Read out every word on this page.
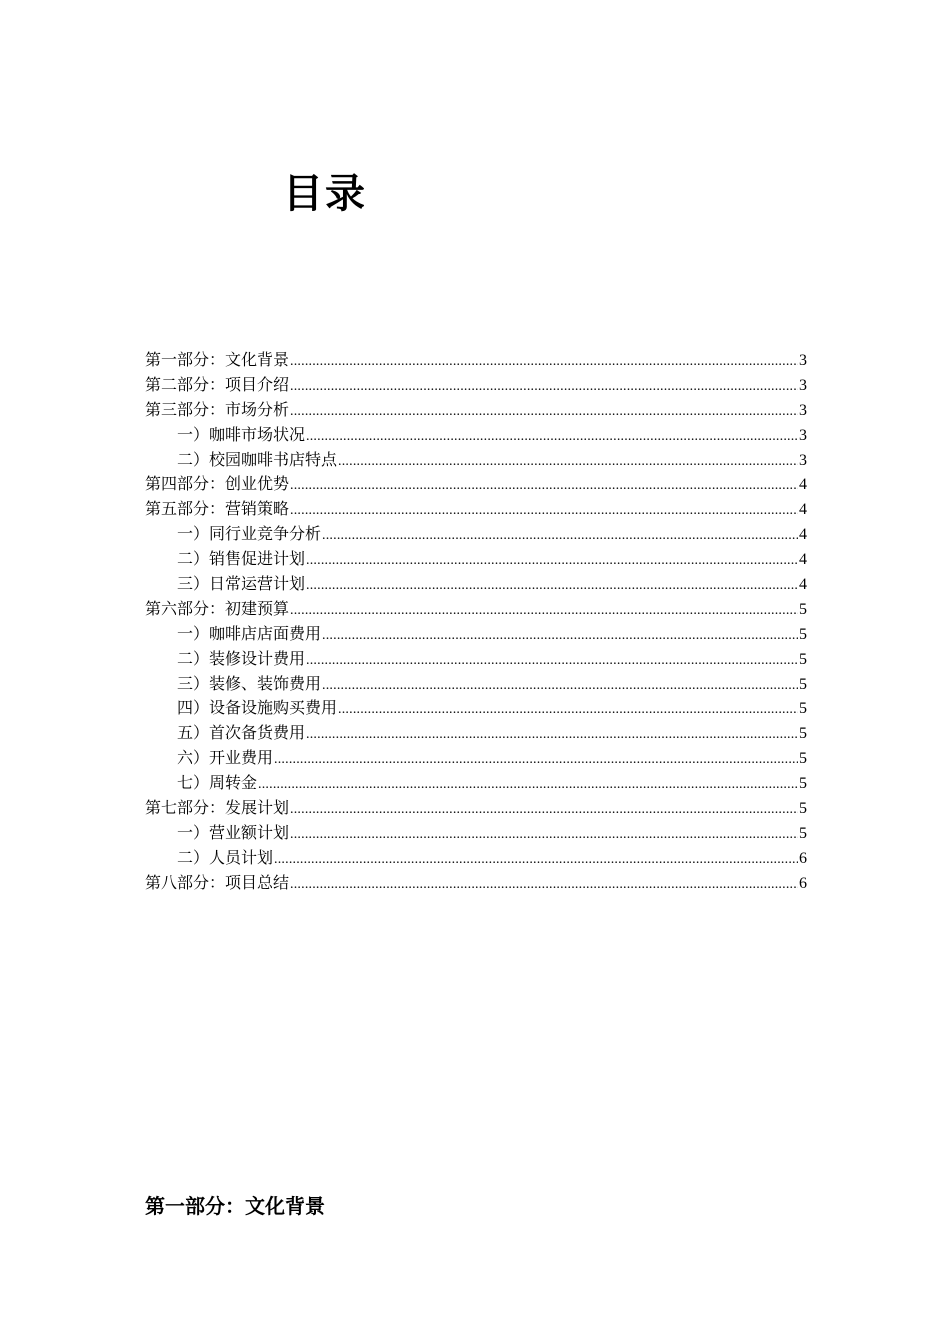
目录
第一部分：文化背景 .....	3
第二部分：项目介绍 .....	3
第三部分：市场分析 .....	3
一）咖啡市场状况 .....	3
二）校园咖啡书店特点 .....	3
第四部分：创业优势 .....	4
第五部分：营销策略 .....	4
一）同行业竞争分析 .....	4
二）销售促进计划 .....	4
三）日常运营计划 .....	4
第六部分：初建预算 .....	5
一）咖啡店店面费用 .....	5
二）装修设计费用 .....	5
三）装修、装饰费用 .....	5
四）设备设施购买费用 .....	5
五）首次备货费用 .....	5
六）开业费用 .....	5
七）周转金 .....	5
第七部分：发展计划 .....	5
一）营业额计划 .....	5
二）人员计划 .....	6
第八部分：项目总结 .....	6
第一部分：文化背景
